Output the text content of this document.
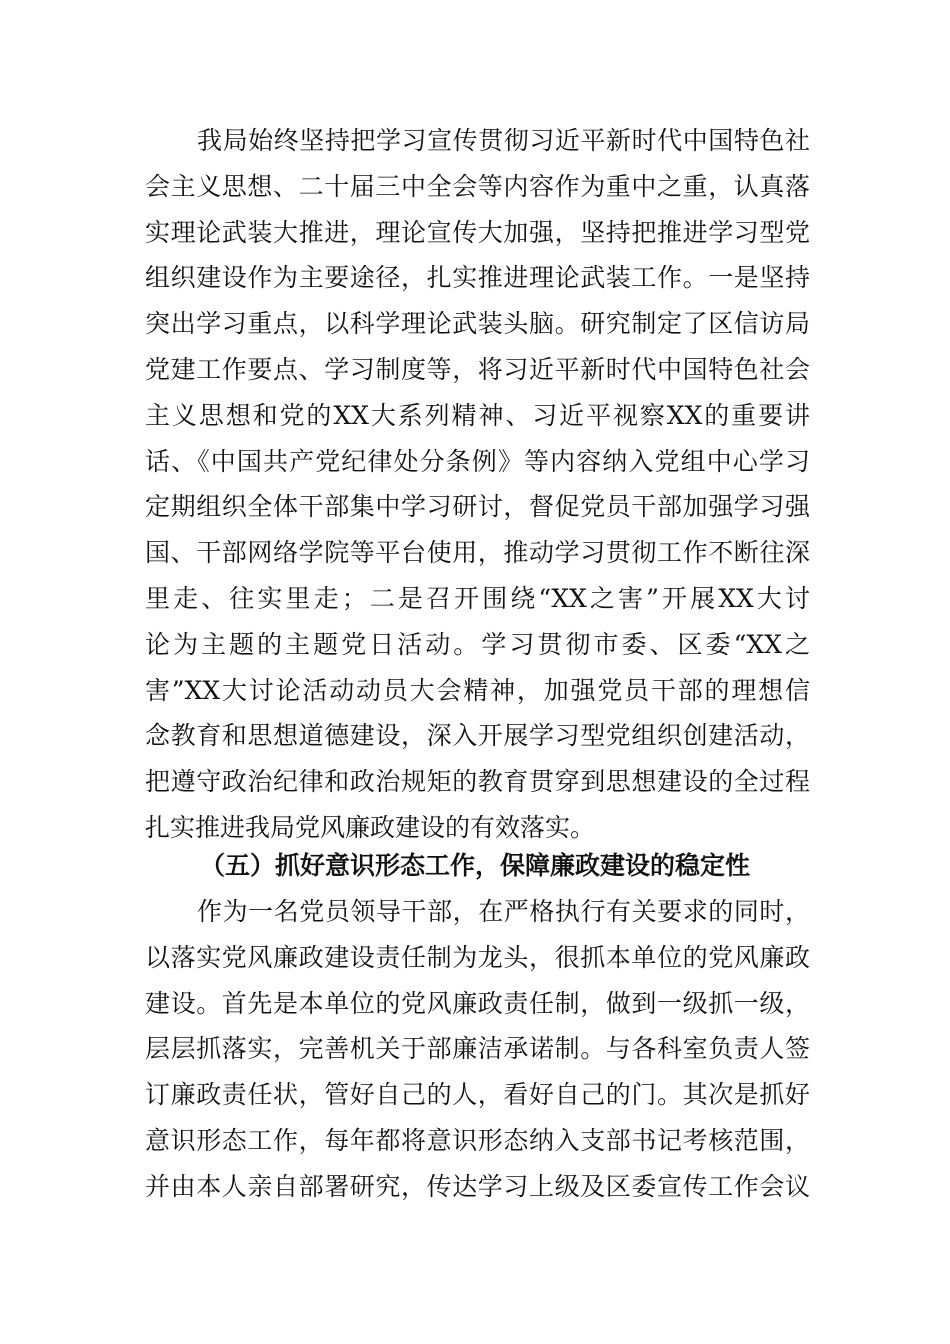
我局始终坚持把学习宣传贯彻习近平新时代中国特色社
会主义思想、二十届三中全会等内容作为重中之重，认真落
实理论武装大推进，理论宣传大加强，坚持把推进学习型党
组织建设作为主要途径，扎实推进理论武装工作。一是坚持
突出学习重点，以科学理论武装头脑。研究制定了区信访局
党建工作要点、学习制度等，将习近平新时代中国特色社会
主义思想和党的XX大系列精神、习近平视察XX的重要讲
话、《中国共产党纪律处分条例》等内容纳入党组中心学习
定期组织全体干部集中学习研讨，督促党员干部加强学习强
国、干部网络学院等平台使用，推动学习贯彻工作不断往深
里走、往实里走；二是召开围绕“XX之害”开展XX大讨
论为主题的主题党日活动。学习贯彻市委、区委“XX之
害”XX大讨论活动动员大会精神，加强党员干部的理想信
念教育和思想道德建设，深入开展学习型党组织创建活动，
把遵守政治纪律和政治规矩的教育贯穿到思想建设的全过程
扎实推进我局党风廉政建设的有效落实。
（五）抓好意识形态工作，保障廉政建设的稳定性
作为一名党员领导干部，在严格执行有关要求的同时，
以落实党风廉政建设责任制为龙头，很抓本单位的党风廉政
建设。首先是本单位的党风廉政责任制，做到一级抓一级，
层层抓落实，完善机关于部廉洁承诺制。与各科室负责人签
订廉政责任状，管好自己的人，看好自己的门。其次是抓好
意识形态工作，每年都将意识形态纳入支部书记考核范围，
并由本人亲自部署研究，传达学习上级及区委宣传工作会议
